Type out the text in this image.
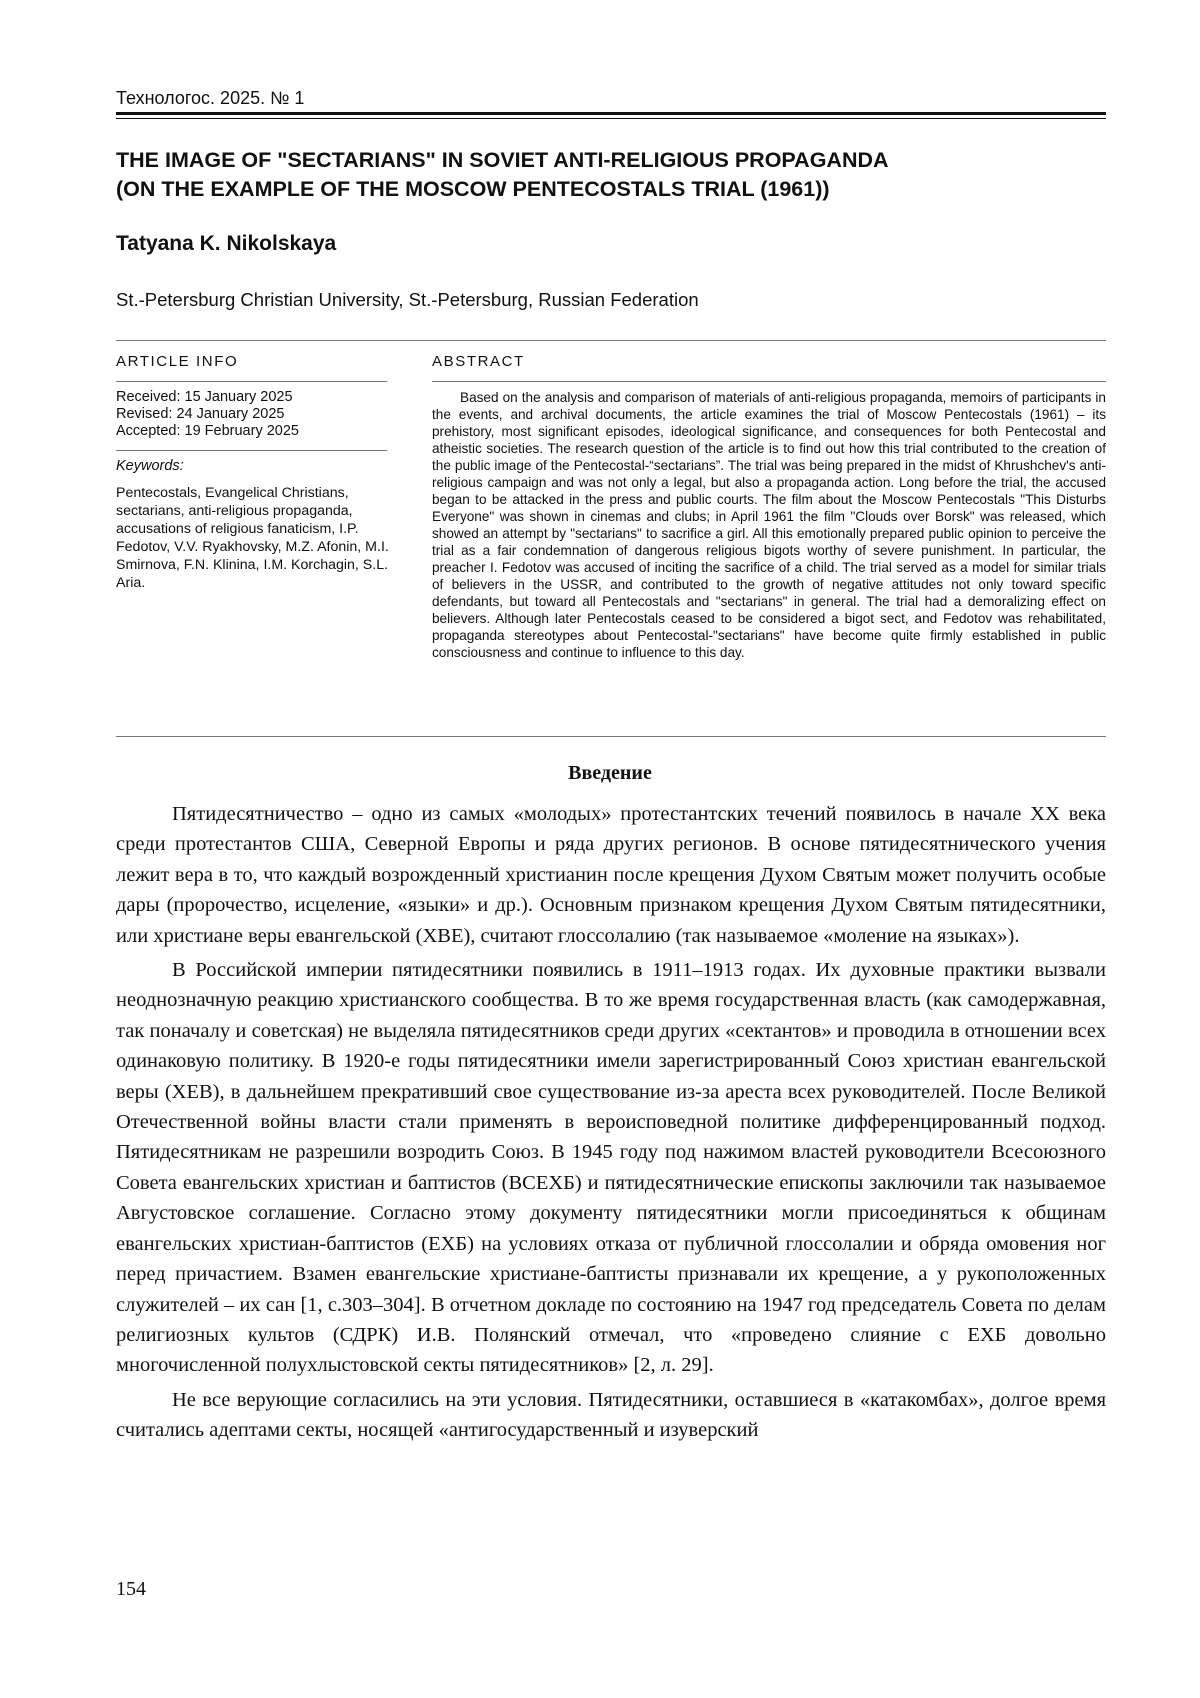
Технологос. 2025. № 1
THE IMAGE OF "SECTARIANS" IN SOVIET ANTI-RELIGIOUS PROPAGANDA
(ON THE EXAMPLE OF THE MOSCOW PENTECOSTALS TRIAL (1961))
Tatyana K. Nikolskaya
St.-Petersburg Christian University, St.-Petersburg, Russian Federation
ARTICLE INFO	ABSTRACT
Received: 15 January 2025
Revised: 24 January 2025
Accepted: 19 February 2025
Keywords:
Pentecostals, Evangelical Christians, sectarians, anti-religious propaganda, accusations of religious fanaticism, I.P. Fedotov, V.V. Ryakhovsky, M.Z. Afonin, M.I. Smirnova, F.N. Klinina, I.M. Korchagin, S.L. Aria.
Based on the analysis and comparison of materials of anti-religious propaganda, memoirs of participants in the events, and archival documents, the article examines the trial of Moscow Pentecostals (1961) – its prehistory, most significant episodes, ideological significance, and consequences for both Pentecostal and atheistic societies. The research question of the article is to find out how this trial contributed to the creation of the public image of the Pentecostal-“sectarians”. The trial was being prepared in the midst of Khrushchev's anti-religious campaign and was not only a legal, but also a propaganda action. Long before the trial, the accused began to be attacked in the press and public courts. The film about the Moscow Pentecostals "This Disturbs Everyone" was shown in cinemas and clubs; in April 1961 the film "Clouds over Borsk" was released, which showed an attempt by "sectarians" to sacrifice a girl. All this emotionally prepared public opinion to perceive the trial as a fair condemnation of dangerous religious bigots worthy of severe punishment. In particular, the preacher I. Fedotov was accused of inciting the sacrifice of a child. The trial served as a model for similar trials of believers in the USSR, and contributed to the growth of negative attitudes not only toward specific defendants, but toward all Pentecostals and "sectarians" in general. The trial had a demoralizing effect on believers. Although later Pentecostals ceased to be considered a bigot sect, and Fedotov was rehabilitated, propaganda stereotypes about Pentecostal-"sectarians" have become quite firmly established in public consciousness and continue to influence to this day.
Введение

Пятидесятничество – одно из самых «молодых» протестантских течений появилось в начале XX века среди протестантов США, Северной Европы и ряда других регионов. В основе пятидесятнического учения лежит вера в то, что каждый возрожденный христианин после крещения Духом Святым может получить особые дары (пророчество, исцеление, «языки» и др.). Основным признаком крещения Духом Святым пятидесятники, или христиане веры евангельской (ХВЕ), считают глоссолалию (так называемое «моление на языках»).

В Российской империи пятидесятники появились в 1911–1913 годах. Их духовные практики вызвали неоднозначную реакцию христианского сообщества. В то же время государственная власть (как самодержавная, так поначалу и советская) не выделяла пятидесятников среди других «сектантов» и проводила в отношении всех одинаковую политику. В 1920-е годы пятидесятники имели зарегистрированный Союз христиан евангельской веры (ХЕВ), в дальнейшем прекративший свое существование из-за ареста всех руководителей. После Великой Отечественной войны власти стали применять в вероисповедной политике дифференцированный подход. Пятидесятникам не разрешили возродить Союз. В 1945 году под нажимом властей руководители Всесоюзного Совета евангельских христиан и баптистов (ВСЕХБ) и пятидесятнические епископы заключили так называемое Августовское соглашение. Согласно этому документу пятидесятники могли присоединяться к общинам евангельских христиан-баптистов (ЕХБ) на условиях отказа от публичной глоссолалии и обряда омовения ног перед причастием. Взамен евангельские христиане-баптисты признавали их крещение, а у рукоположенных служителей – их сан [1, с.303–304]. В отчетном докладе по состоянию на 1947 год председатель Совета по делам религиозных культов (СДРК) И.В. Полянский отмечал, что «проведено слияние с ЕХБ довольно многочисленной полухлыстовской секты пятидесятников» [2, л. 29].

Не все верующие согласились на эти условия. Пятидесятники, оставшиеся в «катакомбах», долгое время считались адептами секты, носящей «антигосударственный и изуверский

154
